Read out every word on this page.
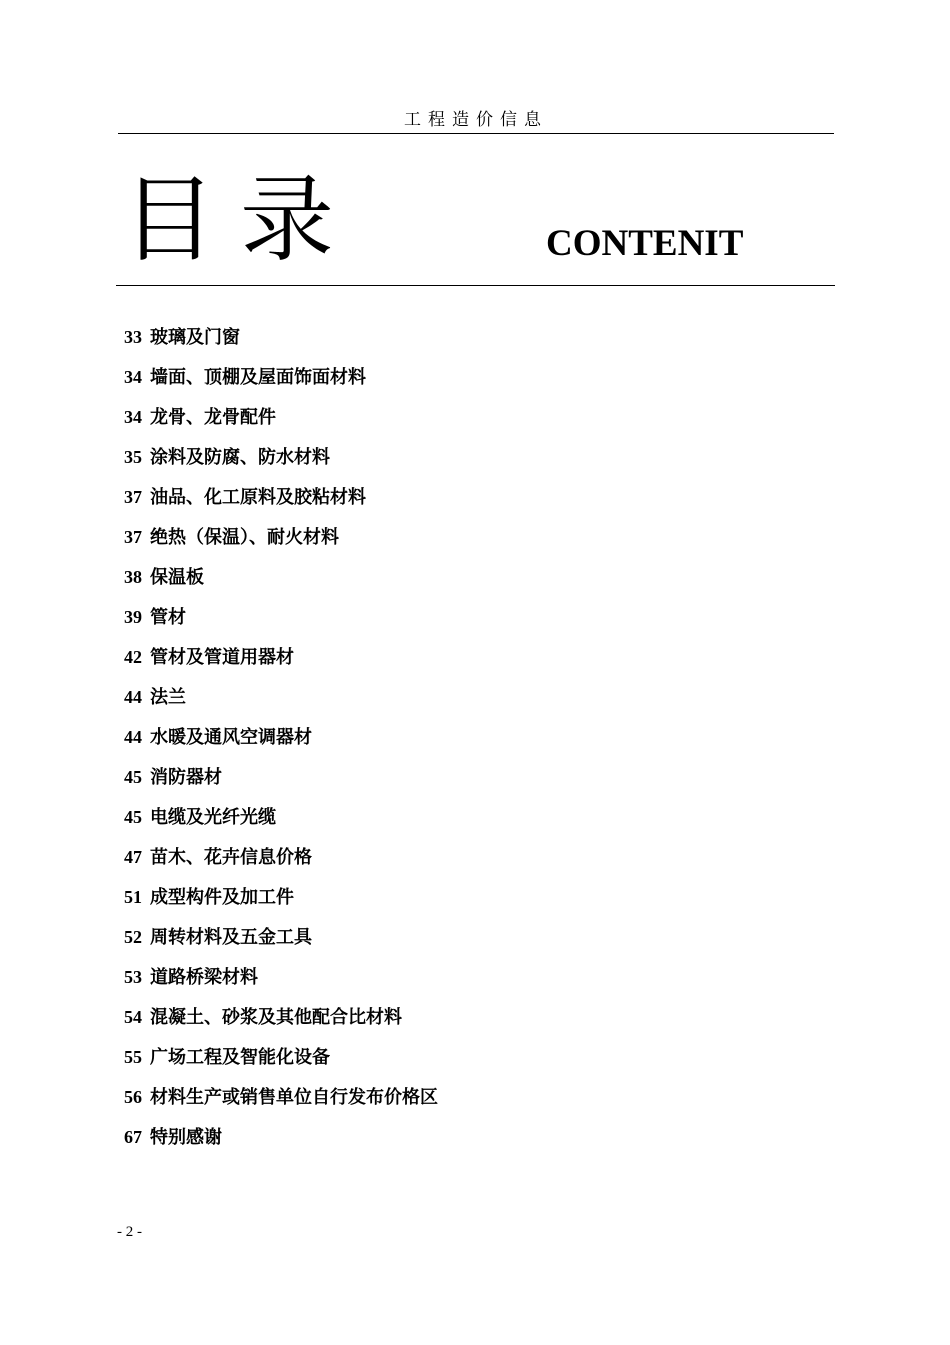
工程造价信息
目 录	CONTENIT
33 玻璃及门窗
34 墙面、顶棚及屋面饰面材料
34 龙骨、龙骨配件
35 涂料及防腐、防水材料
37 油品、化工原料及胶粘材料
37 绝热（保温）、耐火材料
38 保温板
39 管材
42 管材及管道用器材
44 法兰
44 水暖及通风空调器材
45 消防器材
45 电缆及光纤光缆
47 苗木、花卉信息价格
51 成型构件及加工件
52 周转材料及五金工具
53 道路桥梁材料
54 混凝土、砂浆及其他配合比材料
55 广场工程及智能化设备
56 材料生产或销售单位自行发布价格区
67 特别感谢
- 2 -
